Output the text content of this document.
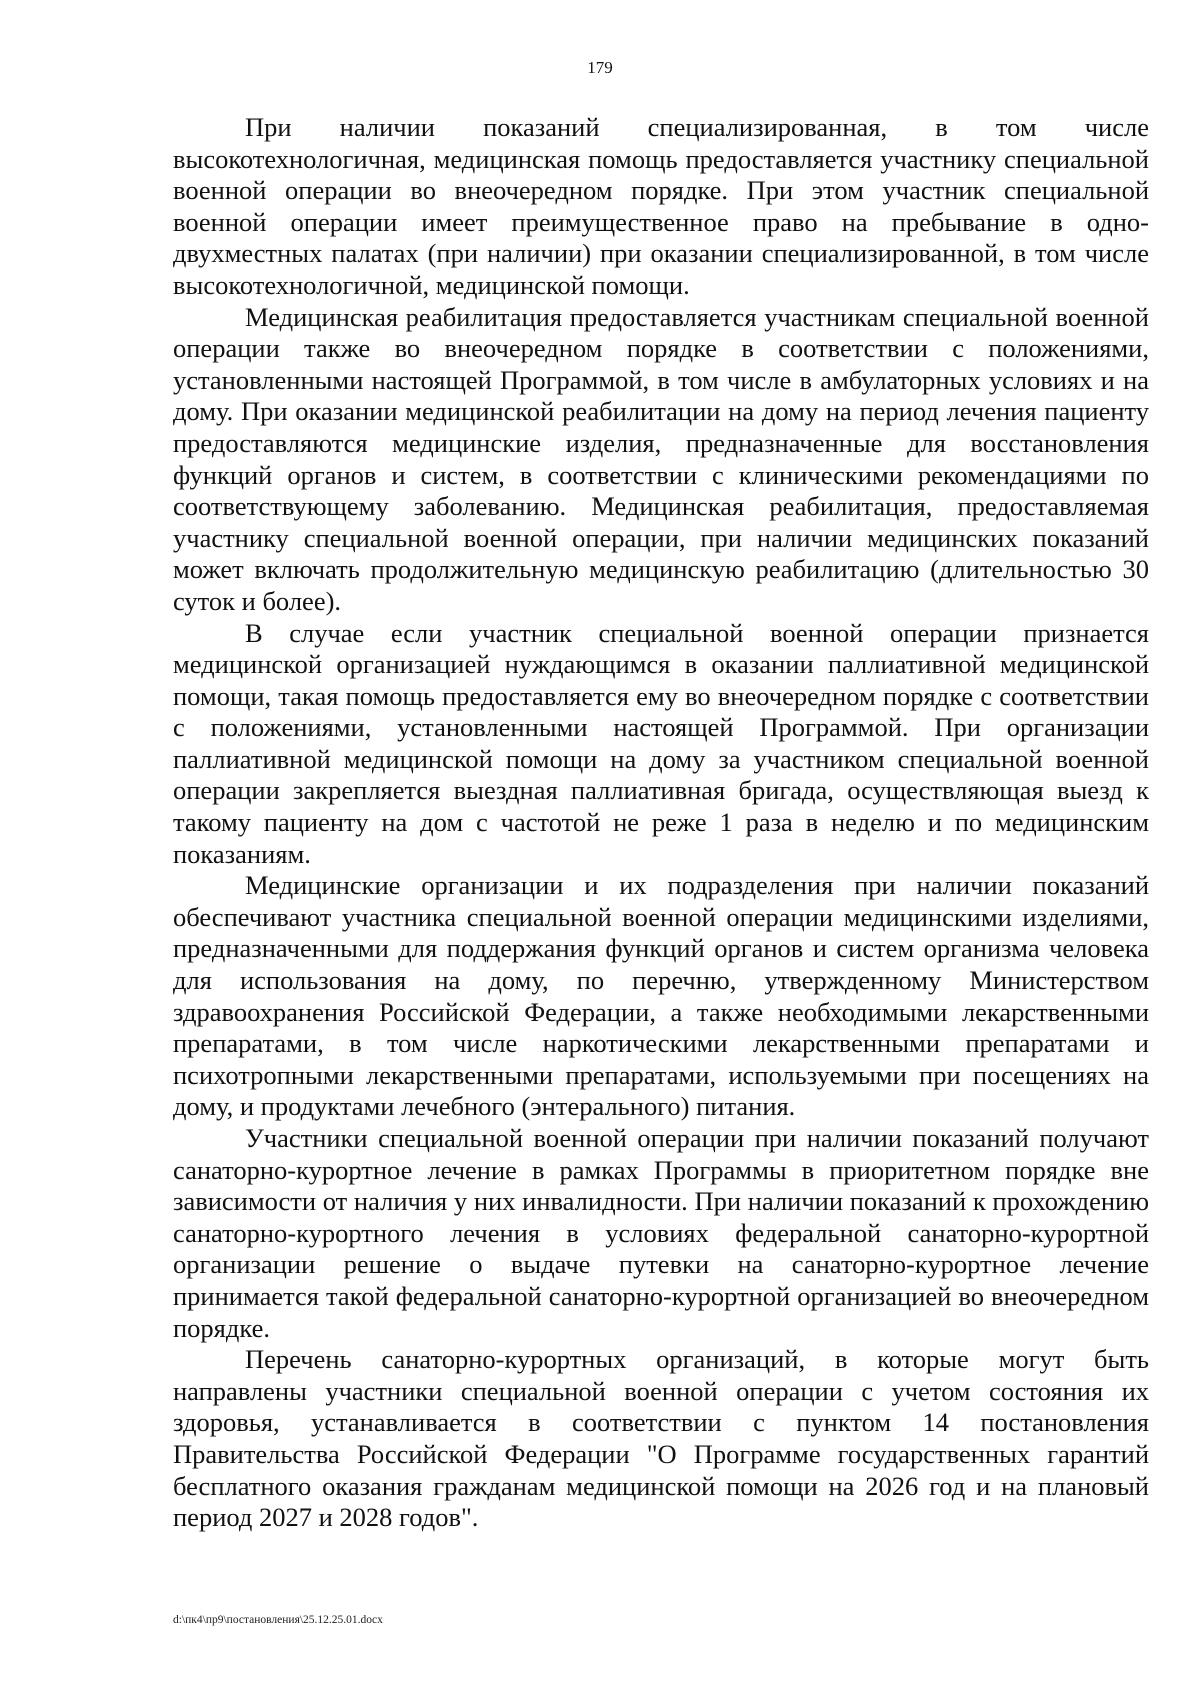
179

При наличии показаний специализированная, в том числе высокотехнологичная, медицинская помощь предоставляется участнику специальной военной операции во внеочередном порядке. При этом участник специальной военной операции имеет преимущественное право на пребывание в одно-двухместных палатах (при наличии) при оказании специализированной, в том числе высокотехнологичной, медицинской помощи.

Медицинская реабилитация предоставляется участникам специальной военной операции также во внеочередном порядке в соответствии с положениями, установленными настоящей Программой, в том числе в амбулаторных условиях и на дому. При оказании медицинской реабилитации на дому на период лечения пациенту предоставляются медицинские изделия, предназначенные для восстановления функций органов и систем, в соответствии с клиническими рекомендациями по соответствующему заболеванию. Медицинская реабилитация, предоставляемая участнику специальной военной операции, при наличии медицинских показаний может включать продолжительную медицинскую реабилитацию (длительностью 30 суток и более).

В случае если участник специальной военной операции признается медицинской организацией нуждающимся в оказании паллиативной медицинской помощи, такая помощь предоставляется ему во внеочередном порядке с соответствии с положениями, установленными настоящей Программой. При организации паллиативной медицинской помощи на дому за участником специальной военной операции закрепляется выездная паллиативная бригада, осуществляющая выезд к такому пациенту на дом с частотой не реже 1 раза в неделю и по медицинским показаниям.

Медицинские организации и их подразделения при наличии показаний обеспечивают участника специальной военной операции медицинскими изделиями, предназначенными для поддержания функций органов и систем организма человека для использования на дому, по перечню, утвержденному Министерством здравоохранения Российской Федерации, а также необходимыми лекарственными препаратами, в том числе наркотическими лекарственными препаратами и психотропными лекарственными препаратами, используемыми при посещениях на дому, и продуктами лечебного (энтерального) питания.

Участники специальной военной операции при наличии показаний получают санаторно-курортное лечение в рамках Программы в приоритетном порядке вне зависимости от наличия у них инвалидности. При наличии показаний к прохождению санаторно-курортного лечения в условиях федеральной санаторно-курортной организации решение о выдаче путевки на санаторно-курортное лечение принимается такой федеральной санаторно-курортной организацией во внеочередном порядке.

Перечень санаторно-курортных организаций, в которые могут быть направлены участники специальной военной операции с учетом состояния их здоровья, устанавливается в соответствии с пунктом 14 постановления Правительства Российской Федерации "О Программе государственных гарантий бесплатного оказания гражданам медицинской помощи на 2026 год и на плановый период 2027 и 2028 годов".

d:\пк4\пр9\постановления\25.12.25.01.docx
